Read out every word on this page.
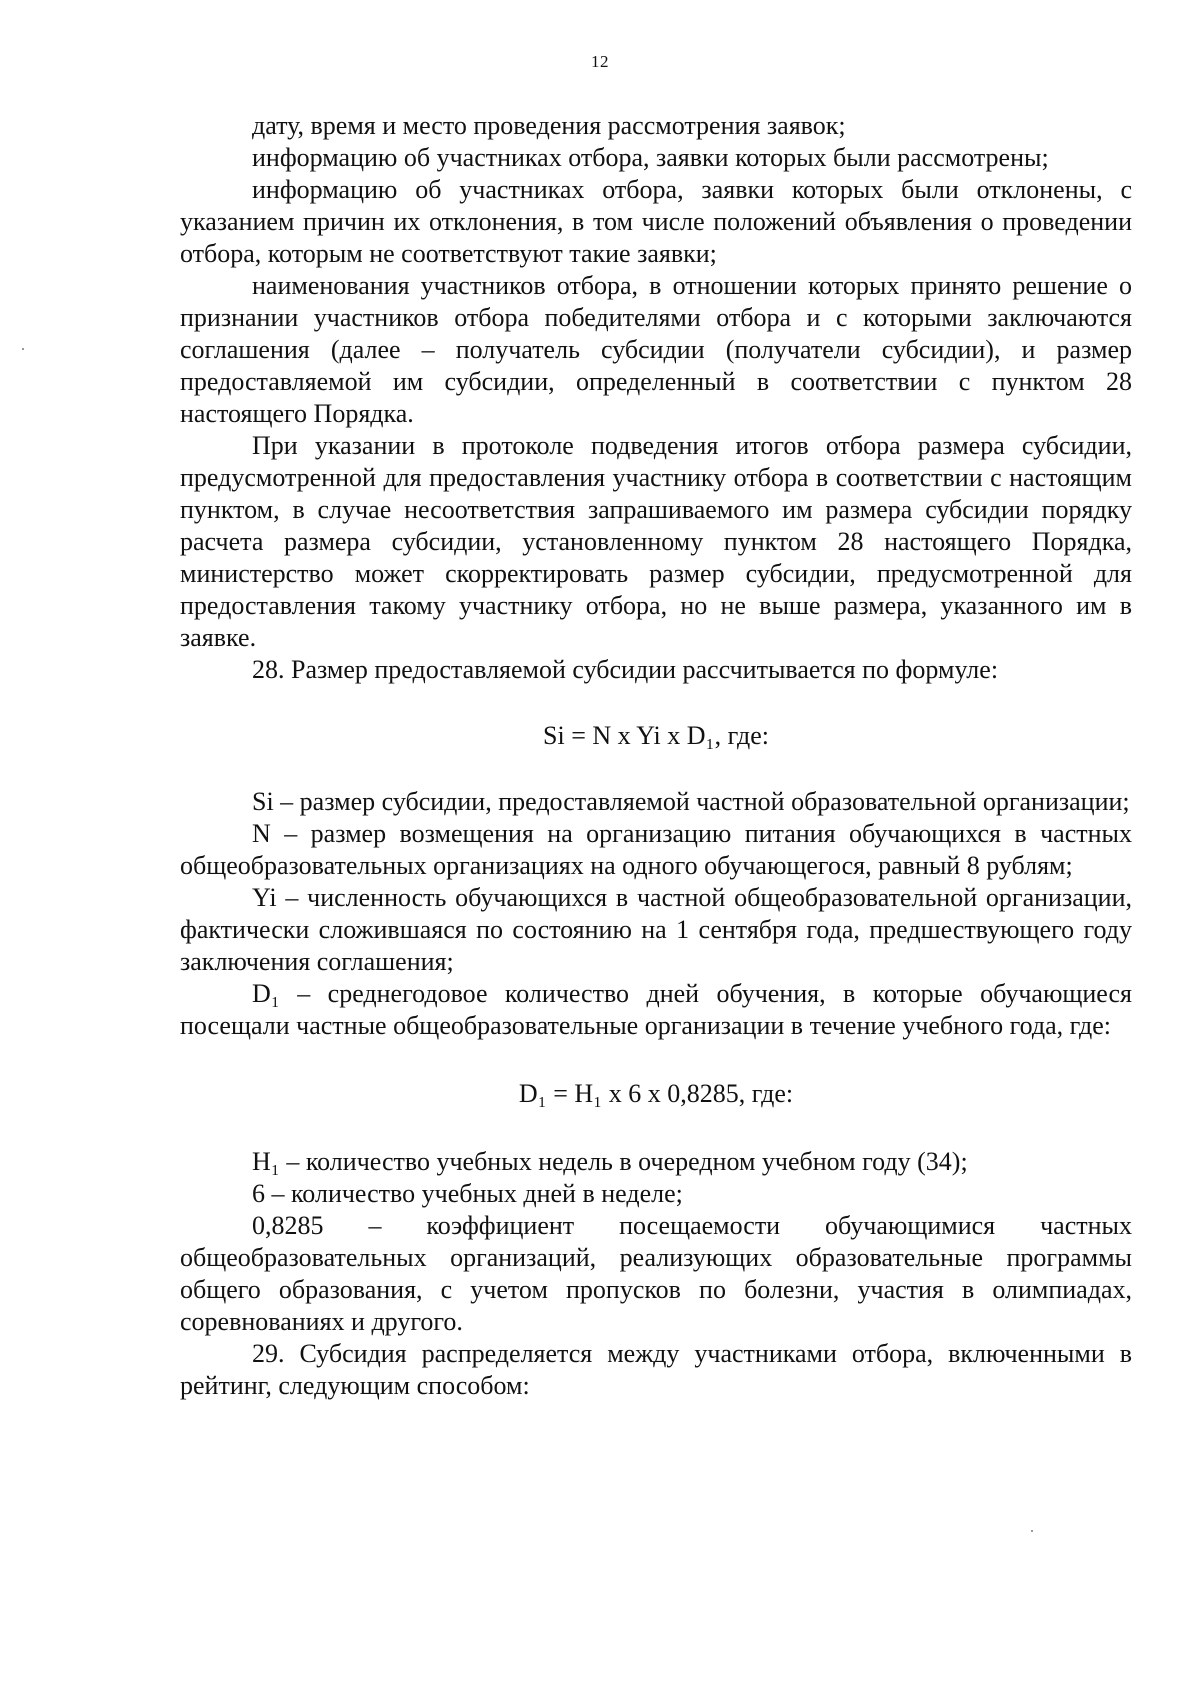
12

дату, время и место проведения рассмотрения заявок;

информацию об участниках отбора, заявки которых были рассмотрены;

информацию об участниках отбора, заявки которых были отклонены, с указанием причин их отклонения, в том числе положений объявления о проведении отбора, которым не соответствуют такие заявки;

наименования участников отбора, в отношении которых принято решение о признании участников отбора победителями отбора и с которыми заключаются соглашения (далее – получатель субсидии (получатели субсидии), и размер предоставляемой им субсидии, определенный в соответствии с пунктом 28 настоящего Порядка.

При указании в протоколе подведения итогов отбора размера субсидии, предусмотренной для предоставления участнику отбора в соответствии с настоящим пунктом, в случае несоответствия запрашиваемого им размера субсидии порядку расчета размера субсидии, установленному пунктом 28 настоящего Порядка, министерство может скорректировать размер субсидии, предусмотренной для предоставления такому участнику отбора, но не выше размера, указанного им в заявке.

28. Размер предоставляемой субсидии рассчитывается по формуле:

Si = N x Yi x D₁, где:

Si – размер субсидии, предоставляемой частной образовательной организации;

N – размер возмещения на организацию питания обучающихся в частных общеобразовательных организациях на одного обучающегося, равный 8 рублям;

Yi – численность обучающихся в частной общеобразовательной организации, фактически сложившаяся по состоянию на 1 сентября года, предшествующего году заключения соглашения;

D₁ – среднегодовое количество дней обучения, в которые обучающиеся посещали частные общеобразовательные организации в течение учебного года, где:

D₁ = H₁ x 6 x 0,8285, где:

H₁ – количество учебных недель в очередном учебном году (34);

6 – количество учебных дней в неделе;

0,8285 – коэффициент посещаемости обучающимися частных общеобразовательных организаций, реализующих образовательные программы общего образования, с учетом пропусков по болезни, участия в олимпиадах, соревнованиях и другого.

29. Субсидия распределяется между участниками отбора, включенными в рейтинг, следующим способом:
